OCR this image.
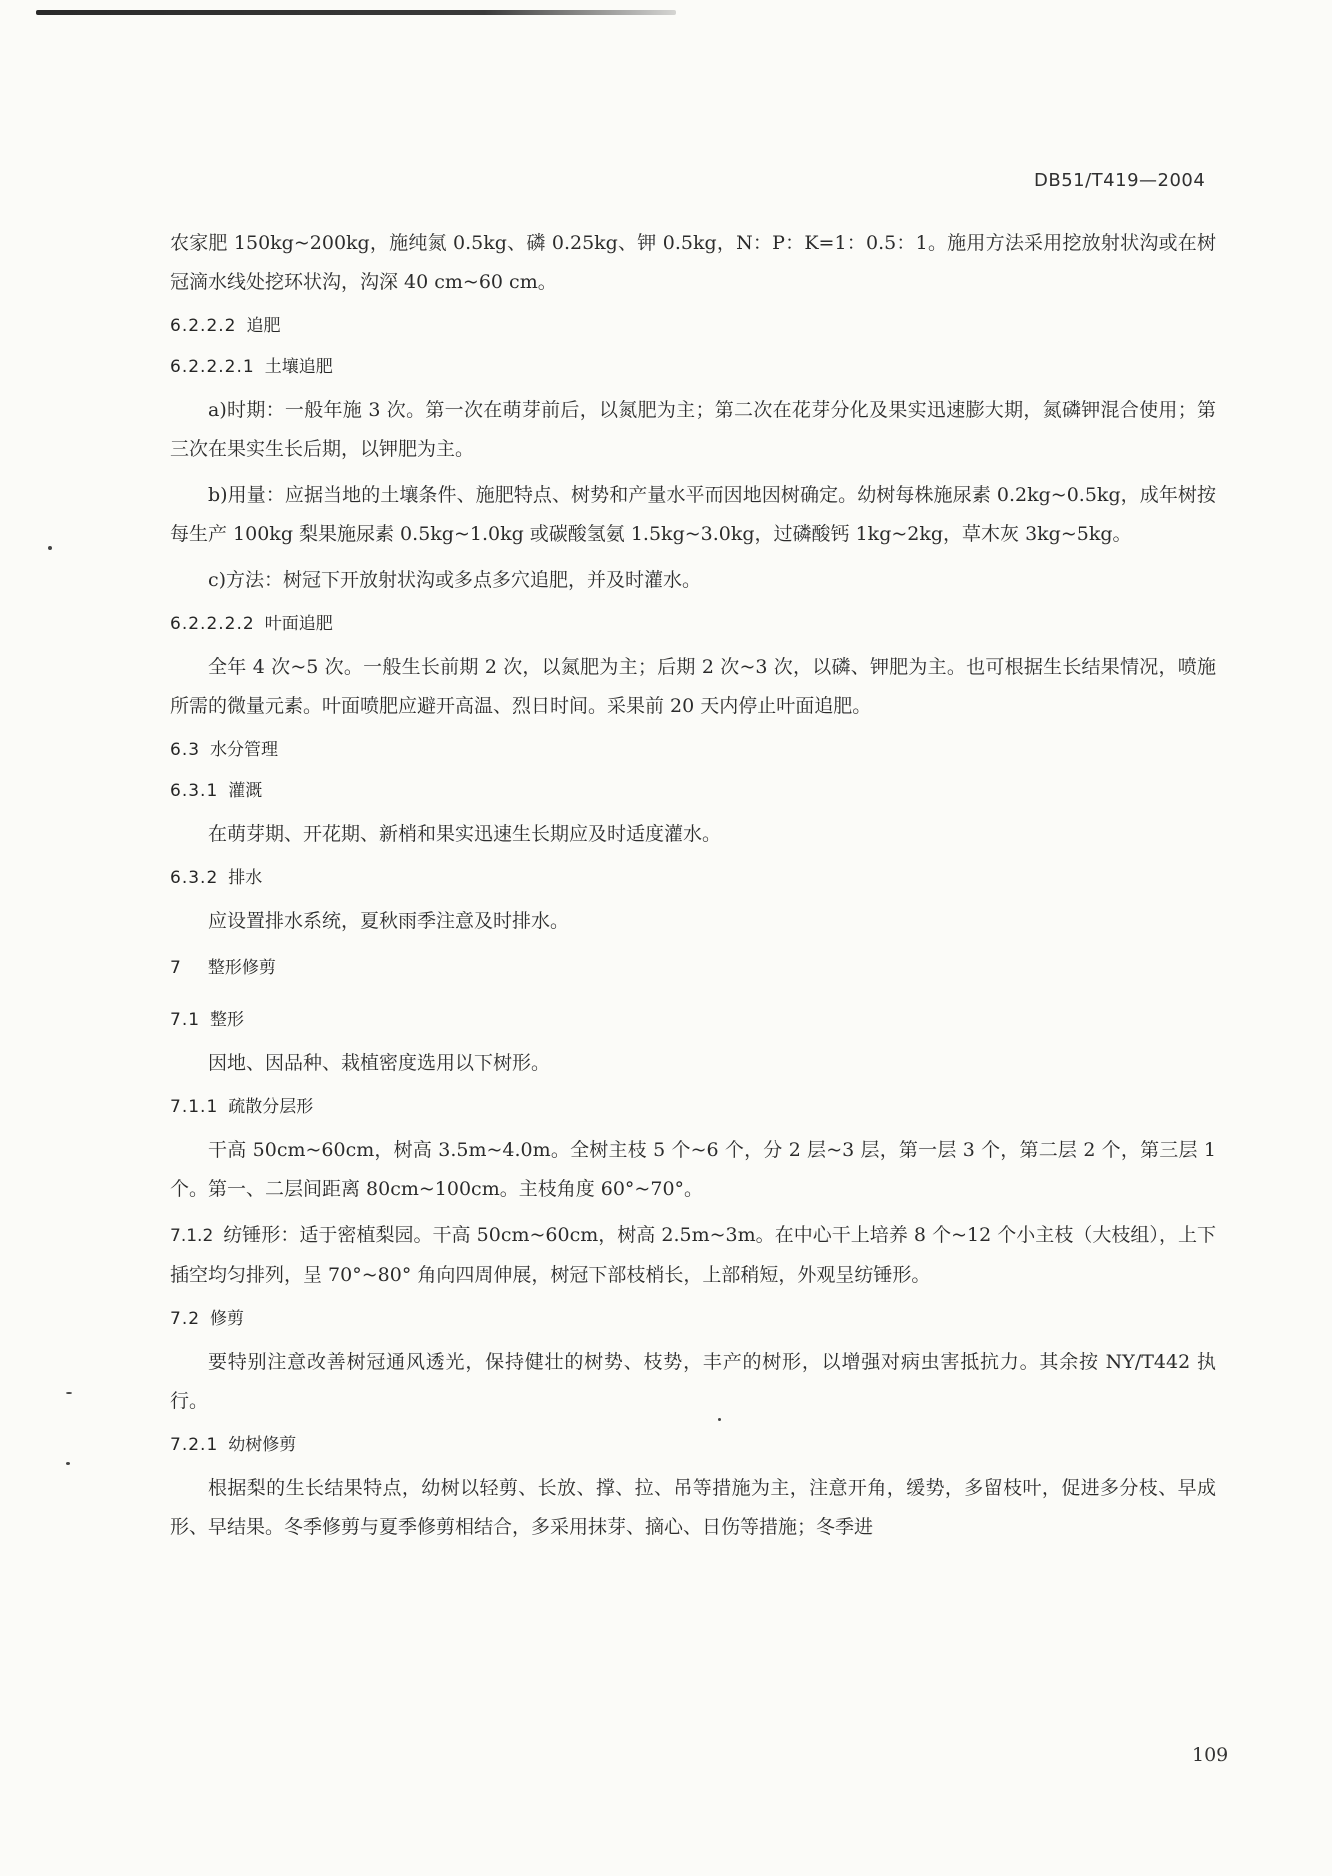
DB51/T419—2004
农家肥 150kg~200kg，施纯氮 0.5kg、磷 0.25kg、钾 0.5kg，N：P：K=1：0.5：1。施用方法采用挖放射状沟或在树冠滴水线处挖环状沟，沟深 40 cm~60 cm。
6.2.2.2 追肥
6.2.2.2.1 土壤追肥
a)时期：一般年施 3 次。第一次在萌芽前后，以氮肥为主；第二次在花芽分化及果实迅速膨大期，氮磷钾混合使用；第三次在果实生长后期，以钾肥为主。
b)用量：应据当地的土壤条件、施肥特点、树势和产量水平而因地因树确定。幼树每株施尿素 0.2kg~0.5kg，成年树按每生产 100kg 梨果施尿素 0.5kg~1.0kg 或碳酸氢氨 1.5kg~3.0kg，过磷酸钙 1kg~2kg，草木灰 3kg~5kg。
c)方法：树冠下开放射状沟或多点多穴追肥，并及时灌水。
6.2.2.2.2 叶面追肥
全年 4 次~5 次。一般生长前期 2 次，以氮肥为主；后期 2 次~3 次，以磷、钾肥为主。也可根据生长结果情况，喷施所需的微量元素。叶面喷肥应避开高温、烈日时间。采果前 20 天内停止叶面追肥。
6.3 水分管理
6.3.1 灌溉
在萌芽期、开花期、新梢和果实迅速生长期应及时适度灌水。
6.3.2 排水
应设置排水系统，夏秋雨季注意及时排水。
7 整形修剪
7.1 整形
因地、因品种、栽植密度选用以下树形。
7.1.1 疏散分层形
干高 50cm~60cm，树高 3.5m~4.0m。全树主枝 5 个~6 个，分 2 层~3 层，第一层 3 个，第二层 2 个，第三层 1 个。第一、二层间距离 80cm~100cm。主枝角度 60°~70°。
7.1.2 纺锤形：适于密植梨园。干高 50cm~60cm，树高 2.5m~3m。在中心干上培养 8 个~12 个小主枝（大枝组），上下插空均匀排列，呈 70°~80° 角向四周伸展，树冠下部枝梢长，上部稍短，外观呈纺锤形。
7.2 修剪
要特别注意改善树冠通风透光，保持健壮的树势、枝势，丰产的树形，以增强对病虫害抵抗力。其余按 NY/T442 执行。
7.2.1 幼树修剪
根据梨的生长结果特点，幼树以轻剪、长放、撑、拉、吊等措施为主，注意开角，缓势，多留枝叶，促进多分枝、早成形、早结果。冬季修剪与夏季修剪相结合，多采用抹芽、摘心、日伤等措施；冬季进
109
